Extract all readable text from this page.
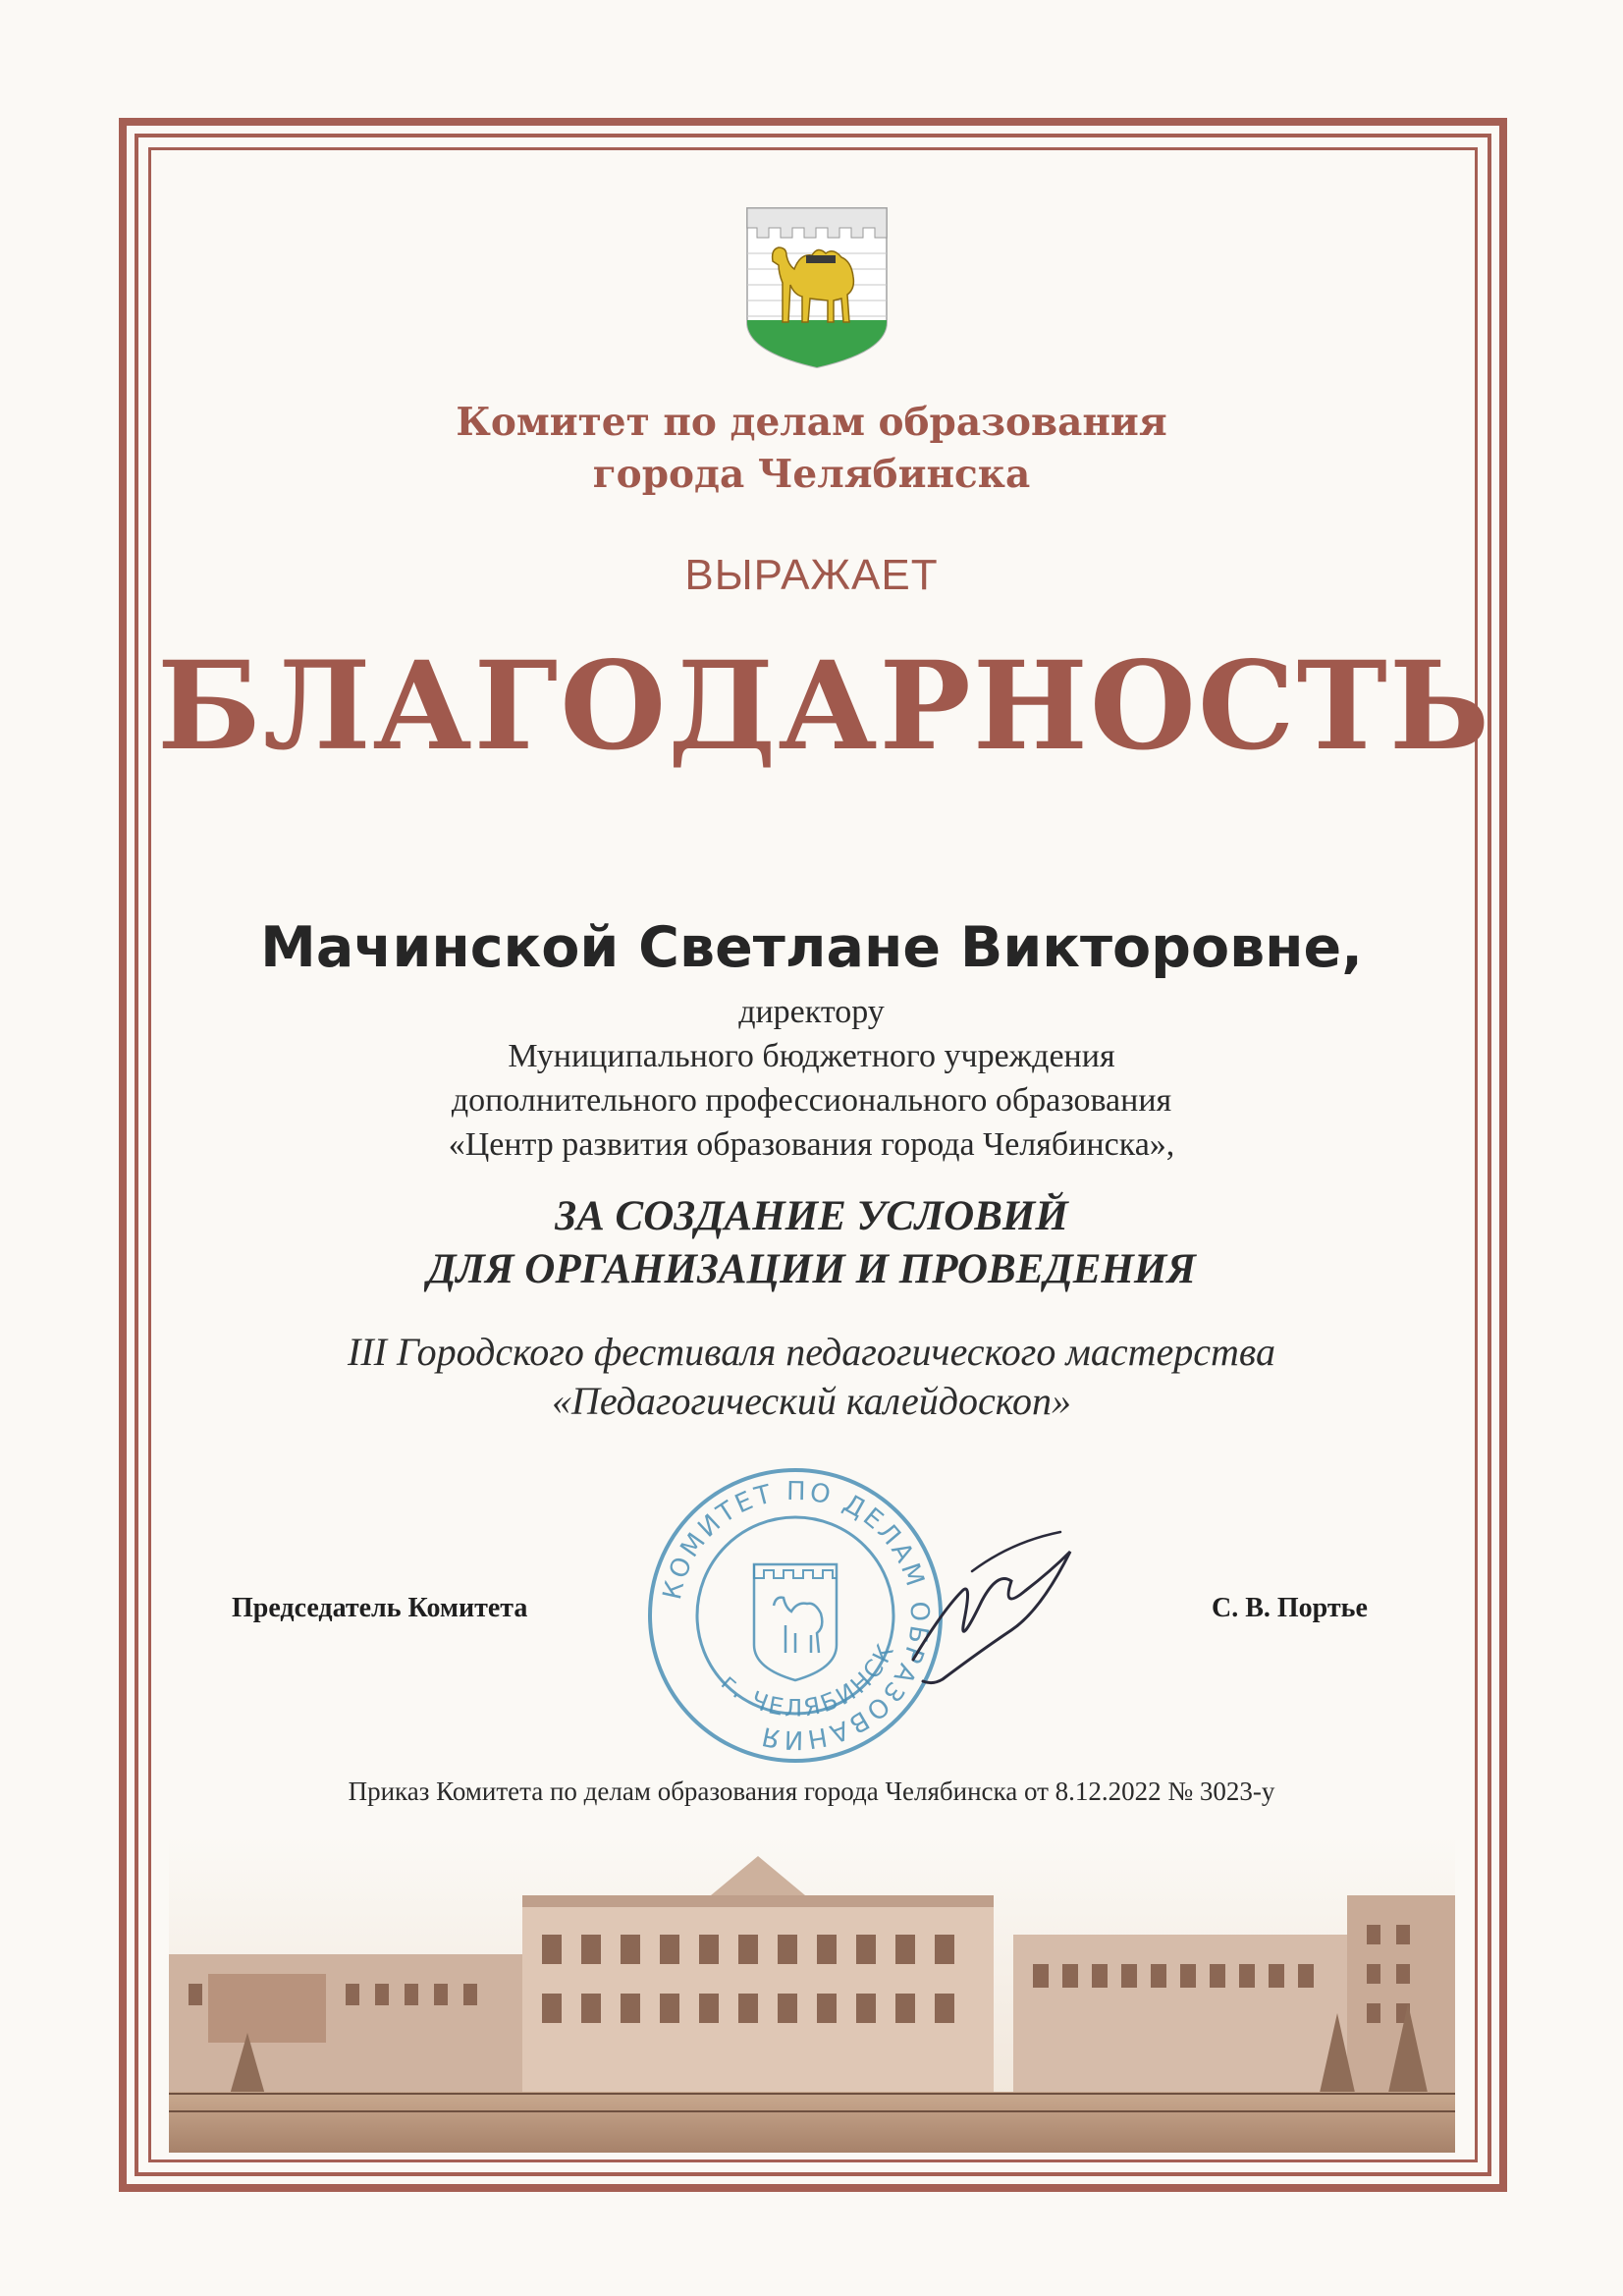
Комитет по делам образования
города Челябинска
ВЫРАЖАЕТ
БЛАГОДАРНОСТЬ
Мачинской Светлане Викторовне,
директору
Муниципального бюджетного учреждения
дополнительного профессионального образования
«Центр развития образования города Челябинска»,
ЗА СОЗДАНИЕ УСЛОВИЙ
ДЛЯ ОРГАНИЗАЦИИ И ПРОВЕДЕНИЯ
III Городского фестиваля педагогического мастерства
«Педагогический калейдоскоп»
Председатель Комитета	С. В. Портье
КОМИТЕТ ПО ДЕЛАМ ОБРАЗОВАНИЯ
г. ЧЕЛЯБИНСК
Приказ Комитета по делам образования города Челябинска от 8.12.2022 № 3023-у
